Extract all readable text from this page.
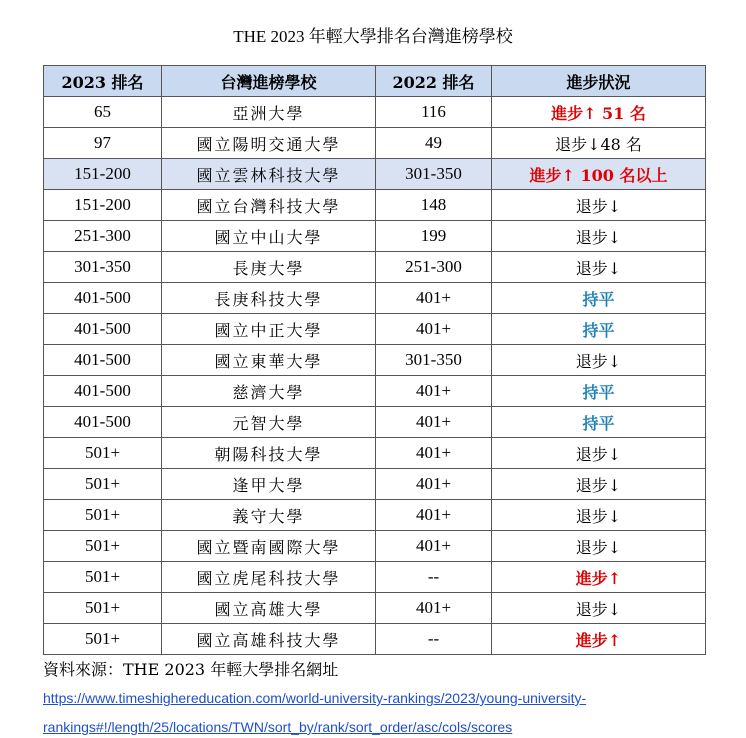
THE 2023 年輕大學排名台灣進榜學校
2023 排名	台灣進榜學校	2022 排名	進步狀況
65	亞洲大學	116	進步↑ 51 名
97	國立陽明交通大學	49	退步↓48 名
151-200	國立雲林科技大學	301-350	進步↑ 100 名以上
151-200	國立台灣科技大學	148	退步↓
251-300	國立中山大學	199	退步↓
301-350	長庚大學	251-300	退步↓
401-500	長庚科技大學	401+	持平
401-500	國立中正大學	401+	持平
401-500	國立東華大學	301-350	退步↓
401-500	慈濟大學	401+	持平
401-500	元智大學	401+	持平
501+	朝陽科技大學	401+	退步↓
501+	逢甲大學	401+	退步↓
501+	義守大學	401+	退步↓
501+	國立暨南國際大學	401+	退步↓
501+	國立虎尾科技大學	--	進步↑
501+	國立高雄大學	401+	退步↓
501+	國立高雄科技大學	--	進步↑
資料來源：THE 2023 年輕大學排名網址
https://www.timeshighereducation.com/world-university-rankings/2023/young-university-
rankings#!/length/25/locations/TWN/sort_by/rank/sort_order/asc/cols/scores
